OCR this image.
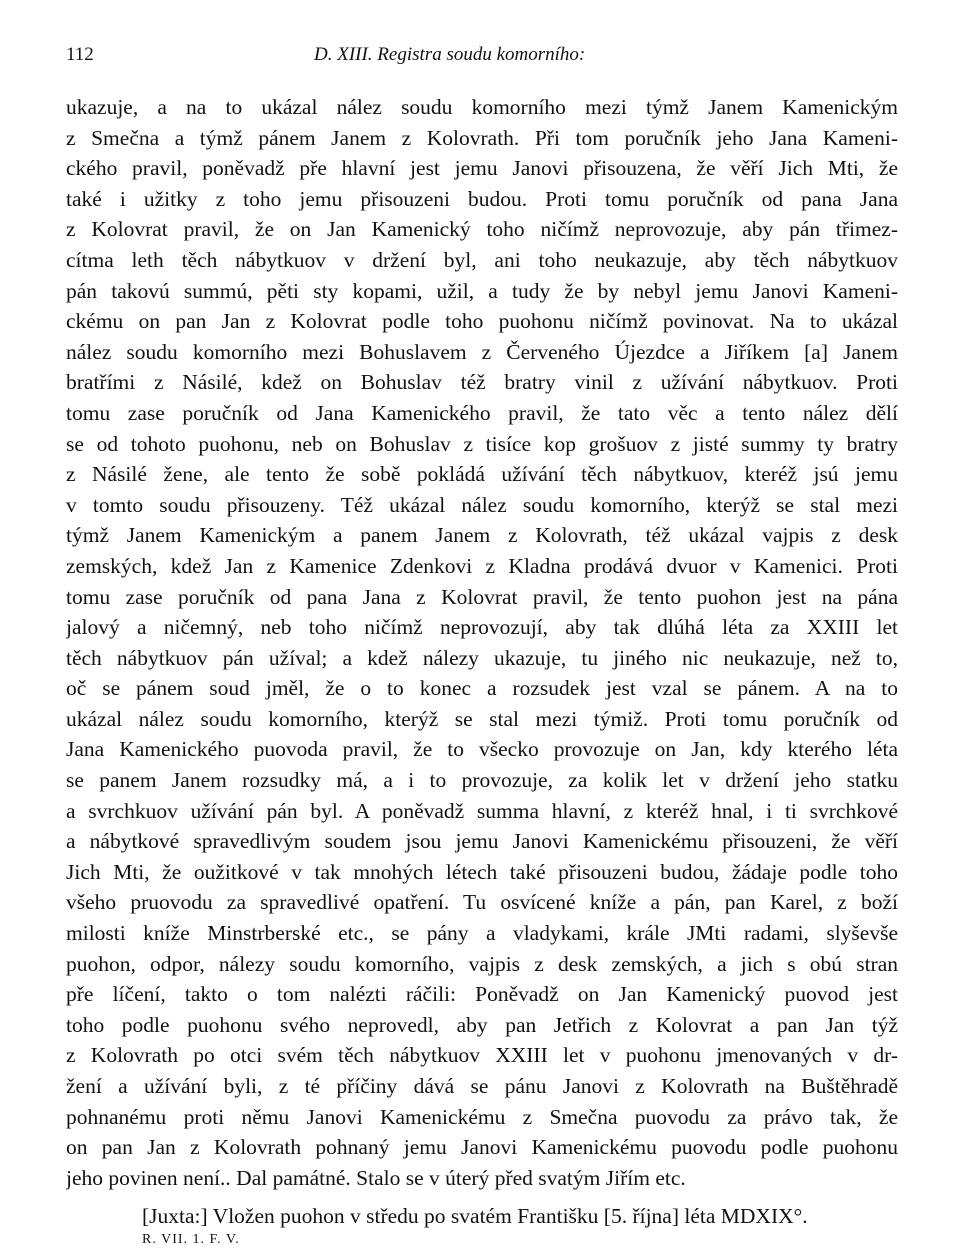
112	D. XIII. Registra soudu komorního:

ukazuje, a na to ukázal nález soudu komorního mezi týmž Janem Kamenickým
z Smečna a týmž pánem Janem z Kolovrath. Při tom poručník jeho Jana Kameni-
ckého pravil, poněvadž pře hlavní jest jemu Janovi přisouzena, že věří Jich Mti, že
také i užitky z toho jemu přisouzeni budou. Proti tomu poručník od pana Jana
z Kolovrat pravil, že on Jan Kamenický toho ničímž neprovozuje, aby pán třimez-
cítma leth těch nábytkuov v držení byl, ani toho neukazuje, aby těch nábytkuov
pán takovú summú, pěti sty kopami, užil, a tudy že by nebyl jemu Janovi Kameni-
ckému on pan Jan z Kolovrat podle toho puohonu ničímž povinovat. Na to ukázal
nález soudu komorního mezi Bohuslavem z Červeného Újezdce a Jiříkem [a] Janem
bratřími z Násilé, kdež on Bohuslav též bratry vinil z užívání nábytkuov. Proti
tomu zase poručník od Jana Kamenického pravil, že tato věc a tento nález dělí
se od tohoto puohonu, neb on Bohuslav z tisíce kop grošuov z jisté summy ty bratry
z Násilé žene, ale tento že sobě pokládá užívání těch nábytkuov, kteréž jsú jemu
v tomto soudu přisouzeny. Též ukázal nález soudu komorního, kterýž se stal mezi
týmž Janem Kamenickým a panem Janem z Kolovrath, též ukázal vajpis z desk
zemských, kdež Jan z Kamenice Zdenkovi z Kladna prodává dvuor v Kamenici. Proti
tomu zase poručník od pana Jana z Kolovrat pravil, že tento puohon jest na pána
jalový a ničemný, neb toho ničímž neprovozují, aby tak dlúhá léta za XXIII let
těch nábytkuov pán užíval; a kdež nálezy ukazuje, tu jiného nic neukazuje, než to,
oč se pánem soud jměl, že o to konec a rozsudek jest vzal se pánem. A na to
ukázal nález soudu komorního, kterýž se stal mezi týmiž. Proti tomu poručník od
Jana Kamenického puovoda pravil, že to všecko provozuje on Jan, kdy kterého léta
se panem Janem rozsudky má, a i to provozuje, za kolik let v držení jeho statku
a svrchkuov užívání pán byl. A poněvadž summa hlavní, z kteréž hnal, i ti svrchkové
a nábytkové spravedlivým soudem jsou jemu Janovi Kamenickému přisouzeni, že věří
Jich Mti, že oužitkové v tak mnohých létech také přisouzeni budou, žádaje podle toho
všeho pruovodu za spravedlivé opatření. Tu osvícené kníže a pán, pan Karel, z boží
milosti kníže Minstrberské etc., se pány a vladykami, krále JMti radami, slyševše
puohon, odpor, nálezy soudu komorního, vajpis z desk zemských, a jich s obú stran
pře líčení, takto o tom nalézti ráčili: Poněvadž on Jan Kamenický puovod jest
toho podle puohonu svého neprovedl, aby pan Jetřich z Kolovrat a pan Jan týž
z Kolovrath po otci svém těch nábytkuov XXIII let v puohonu jmenovaných v dr-
žení a užívání byli, z té příčiny dává se pánu Janovi z Kolovrath na Buštěhradě
pohnanému proti němu Janovi Kamenickému z Smečna puovodu za právo tak, že
on pan Jan z Kolovrath pohnaný jemu Janovi Kamenickému puovodu podle puohonu
jeho povinen není.. Dal památné. Stalo se v úterý před svatým Jiřím etc.

[Juxta:] Vložen puohon v středu po svatém Františku [5. října] léta MDXIX°.
R. VII. 1. F. V.
